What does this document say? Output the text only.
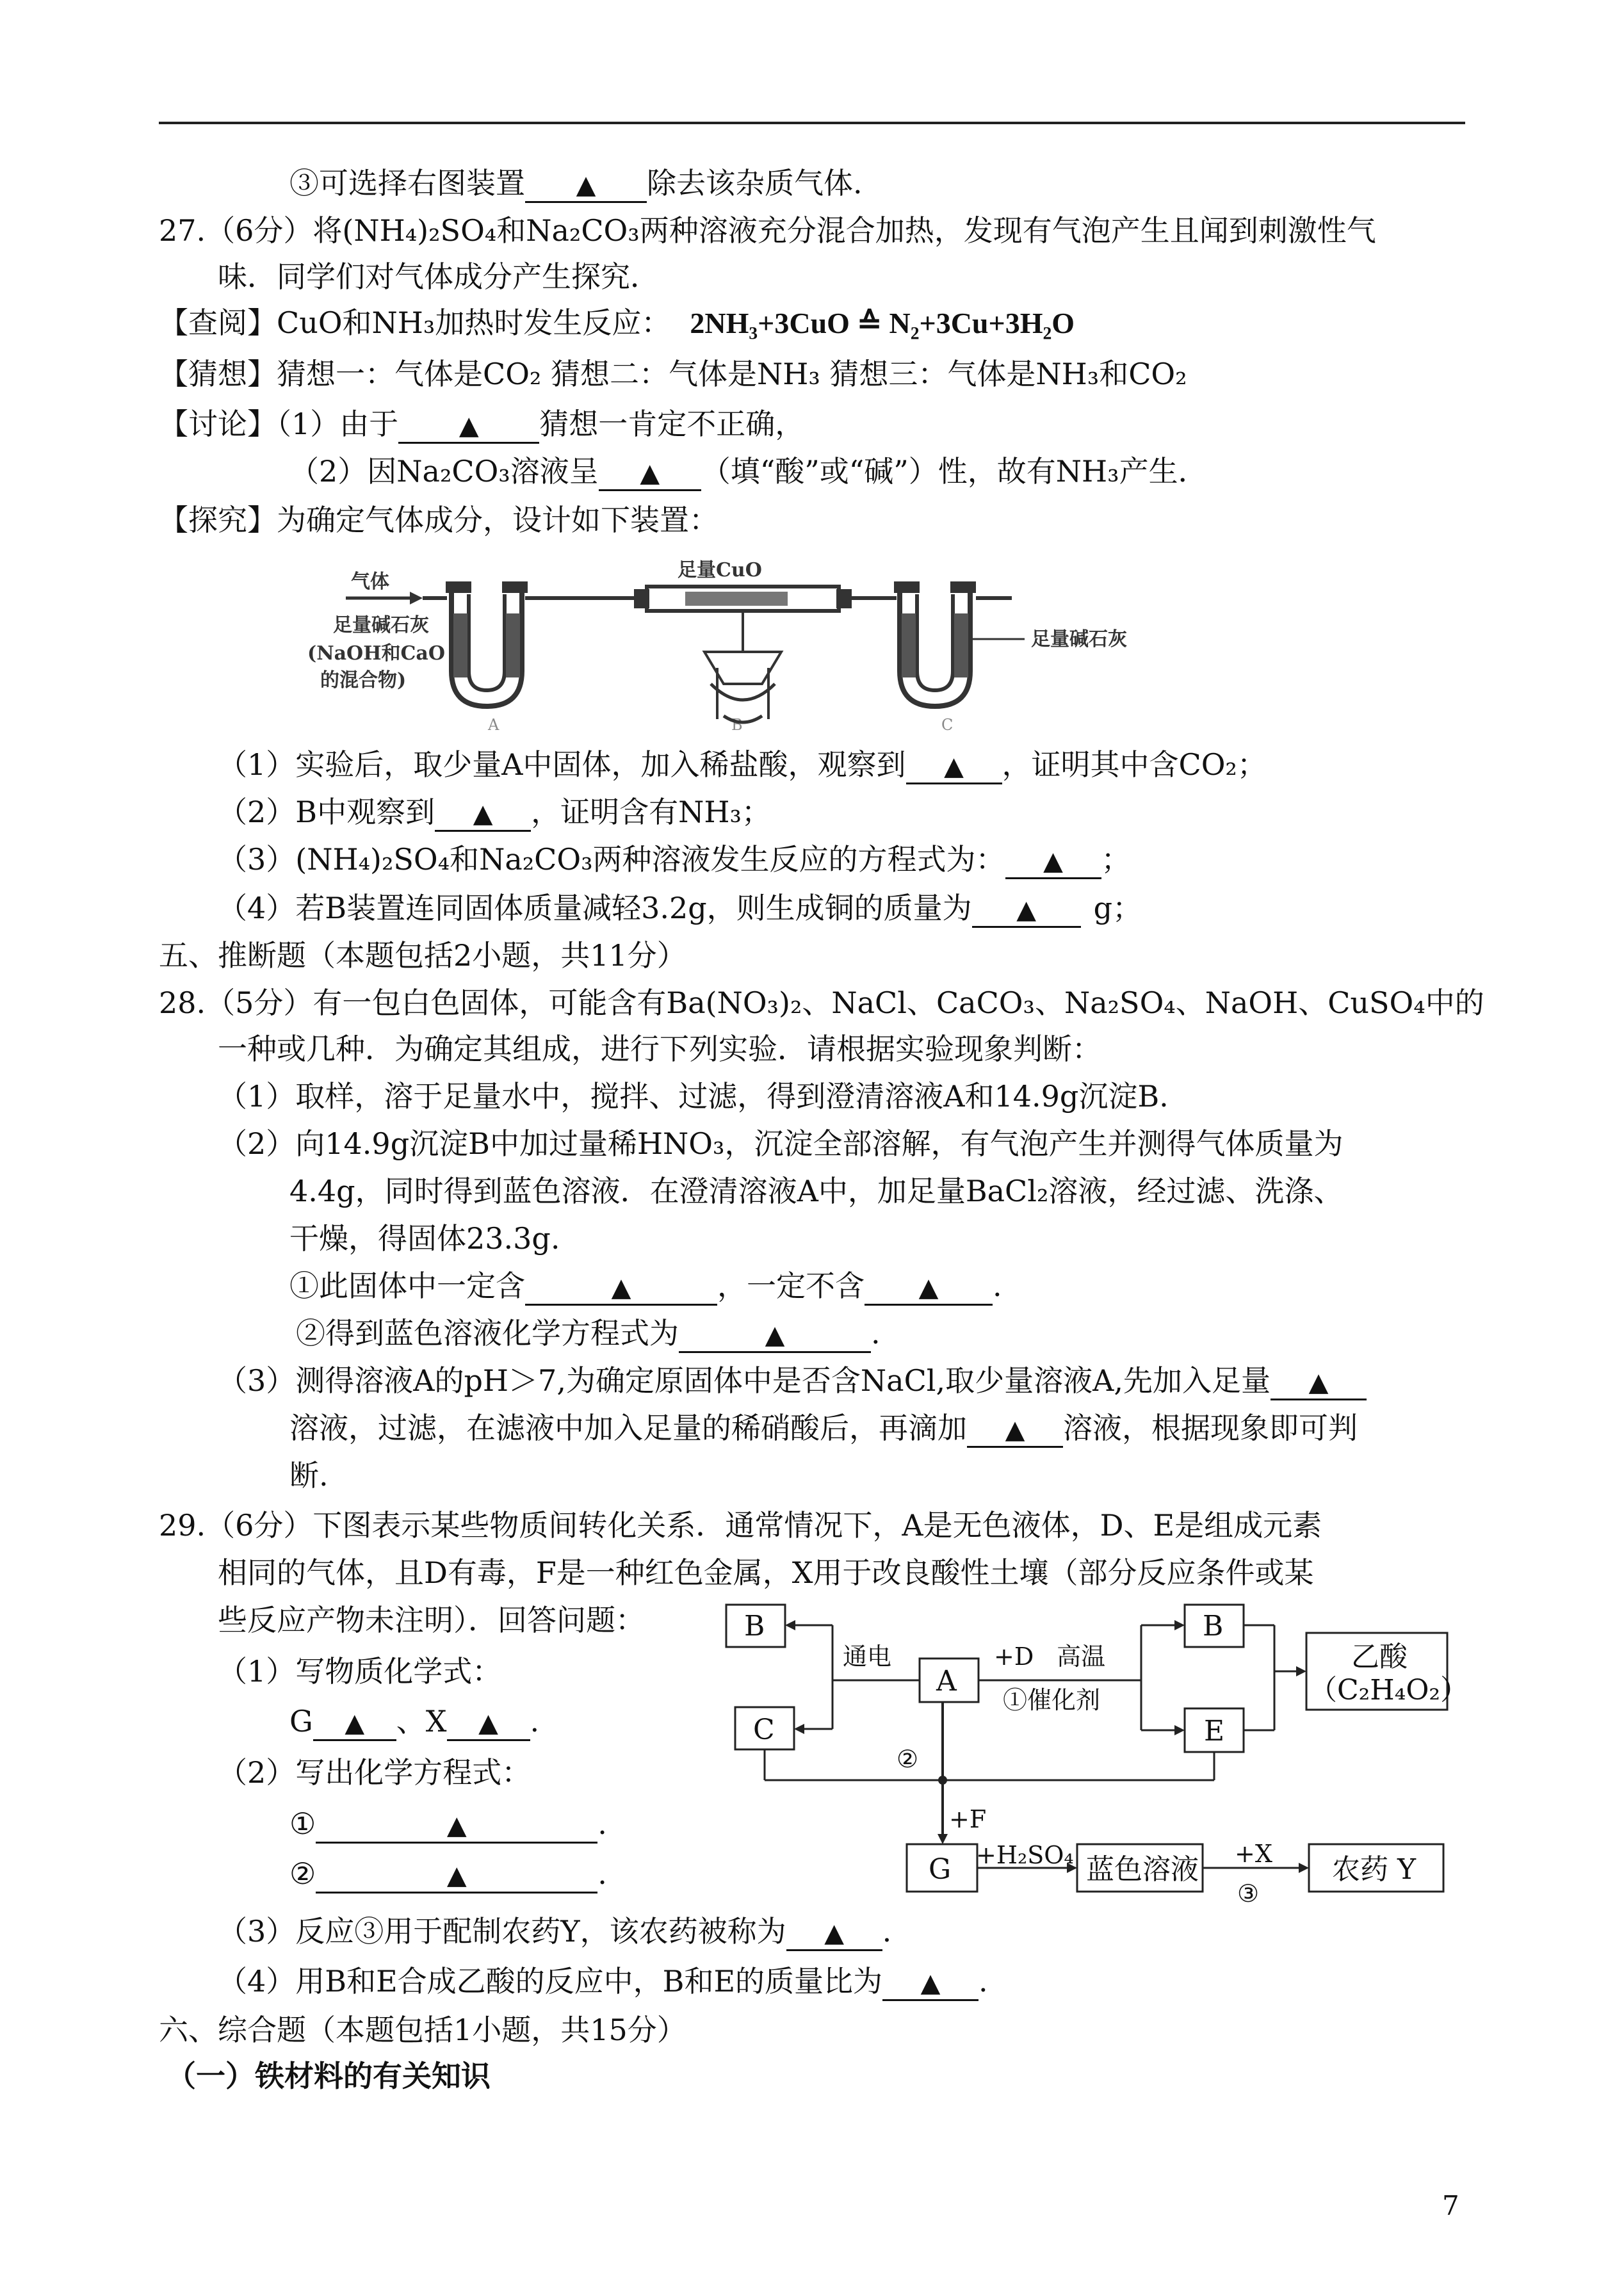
③可选择右图装置 ▲ 除去该杂质气体.
27.（6分）将(NH₄)₂SO₄和Na₂CO₃两种溶液充分混合加热，发现有气泡产生且闻到刺激性气
味．同学们对气体成分产生探究．
【查阅】CuO和NH₃加热时发生反应： 2NH₃+3CuO ≙ N₂+3Cu+3H₂O
【猜想】猜想一：气体是CO₂ 猜想二：气体是NH₃ 猜想三：气体是NH₃和CO₂
【讨论】（1）由于 ▲ 猜想一肯定不正确，
（2）因Na₂CO₃溶液呈 ▲ （填“酸”或“碱”）性，故有NH₃产生．
【探究】为确定气体成分，设计如下装置：
气体
足量碱石灰
(NaOH和CaO
的混合物)
足量CuO
足量碱石灰
A	B	C
（1）实验后，取少量A中固体，加入稀盐酸，观察到 ▲ ，证明其中含CO₂；
（2）B中观察到 ▲ ，证明含有NH₃；
（3）(NH₄)₂SO₄和Na₂CO₃两种溶液发生反应的方程式为： ▲ ；
（4）若B装置连同固体质量减轻3.2g，则生成铜的质量为 ▲ g；
五、推断题（本题包括2小题，共11分）
28.（5分）有一包白色固体，可能含有Ba(NO₃)₂、NaCl、CaCO₃、Na₂SO₄、NaOH、CuSO₄中的
一种或几种．为确定其组成，进行下列实验．请根据实验现象判断：
（1）取样，溶于足量水中，搅拌、过滤，得到澄清溶液A和14.9g沉淀B.
（2）向14.9g沉淀B中加过量稀HNO₃，沉淀全部溶解，有气泡产生并测得气体质量为
4.4g，同时得到蓝色溶液．在澄清溶液A中，加足量BaCl₂溶液，经过滤、洗涤、
干燥，得固体23.3g.
①此固体中一定含	▲	，一定不含 ▲ .
②得到蓝色溶液化学方程式为	▲	.
（3）测得溶液A的pH＞7,为确定原固体中是否含NaCl,取少量溶液A,先加入足量 ▲
溶液，过滤，在滤液中加入足量的稀硝酸后，再滴加 ▲ 溶液，根据现象即可判
断.
29.（6分）下图表示某些物质间转化关系．通常情况下，A是无色液体，D、E是组成元素
相同的气体，且D有毒，F是一种红色金属，X用于改良酸性土壤（部分反应条件或某
些反应产物未注明）．回答问题：
（1）写物质化学式：
G ▲ 、X ▲ .
（2）写出化学方程式：
①	▲	.
②	▲	.
（3）反应③用于配制农药Y，该农药被称为 ▲ .
（4）用B和E合成乙酸的反应中，B和E的质量比为 ▲ .
六、综合题（本题包括1小题，共15分）
（一）铁材料的有关知识
B
C
A
B
E
G	蓝色溶液	农药 Y
乙酸
（C₂H₄O₂）
通电	+D 高温
①催化剂
②
+F
+H₂SO₄	+X
③
7
